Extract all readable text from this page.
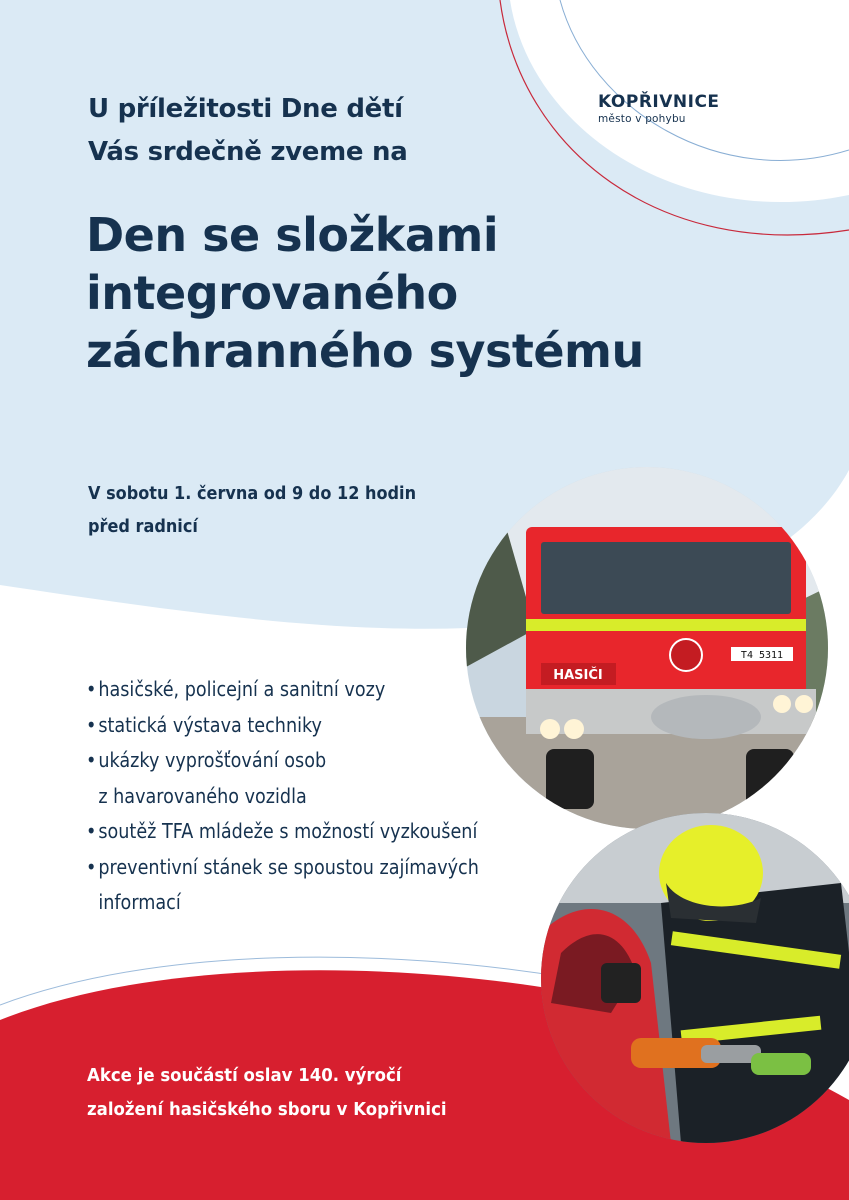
KOPŘIVNICE
město v pohybu
U příležitosti Dne dětí
Vás srdečně zveme na
Den se složkami
integrovaného
záchranného systému
V sobotu 1. června od 9 do 12 hodin
před radnicí
• hasičské, policejní a sanitní vozy
• statická výstava techniky
• ukázky vyprošťování osob
z havarovaného vozidla
• soutěž TFA mládeže s možností vyzkoušení
• preventivní stánek se spoustou zajímavých
informací
Akce je součástí oslav 140. výročí
založení hasičského sboru v Kopřivnici
HASIČI
T4 5311
